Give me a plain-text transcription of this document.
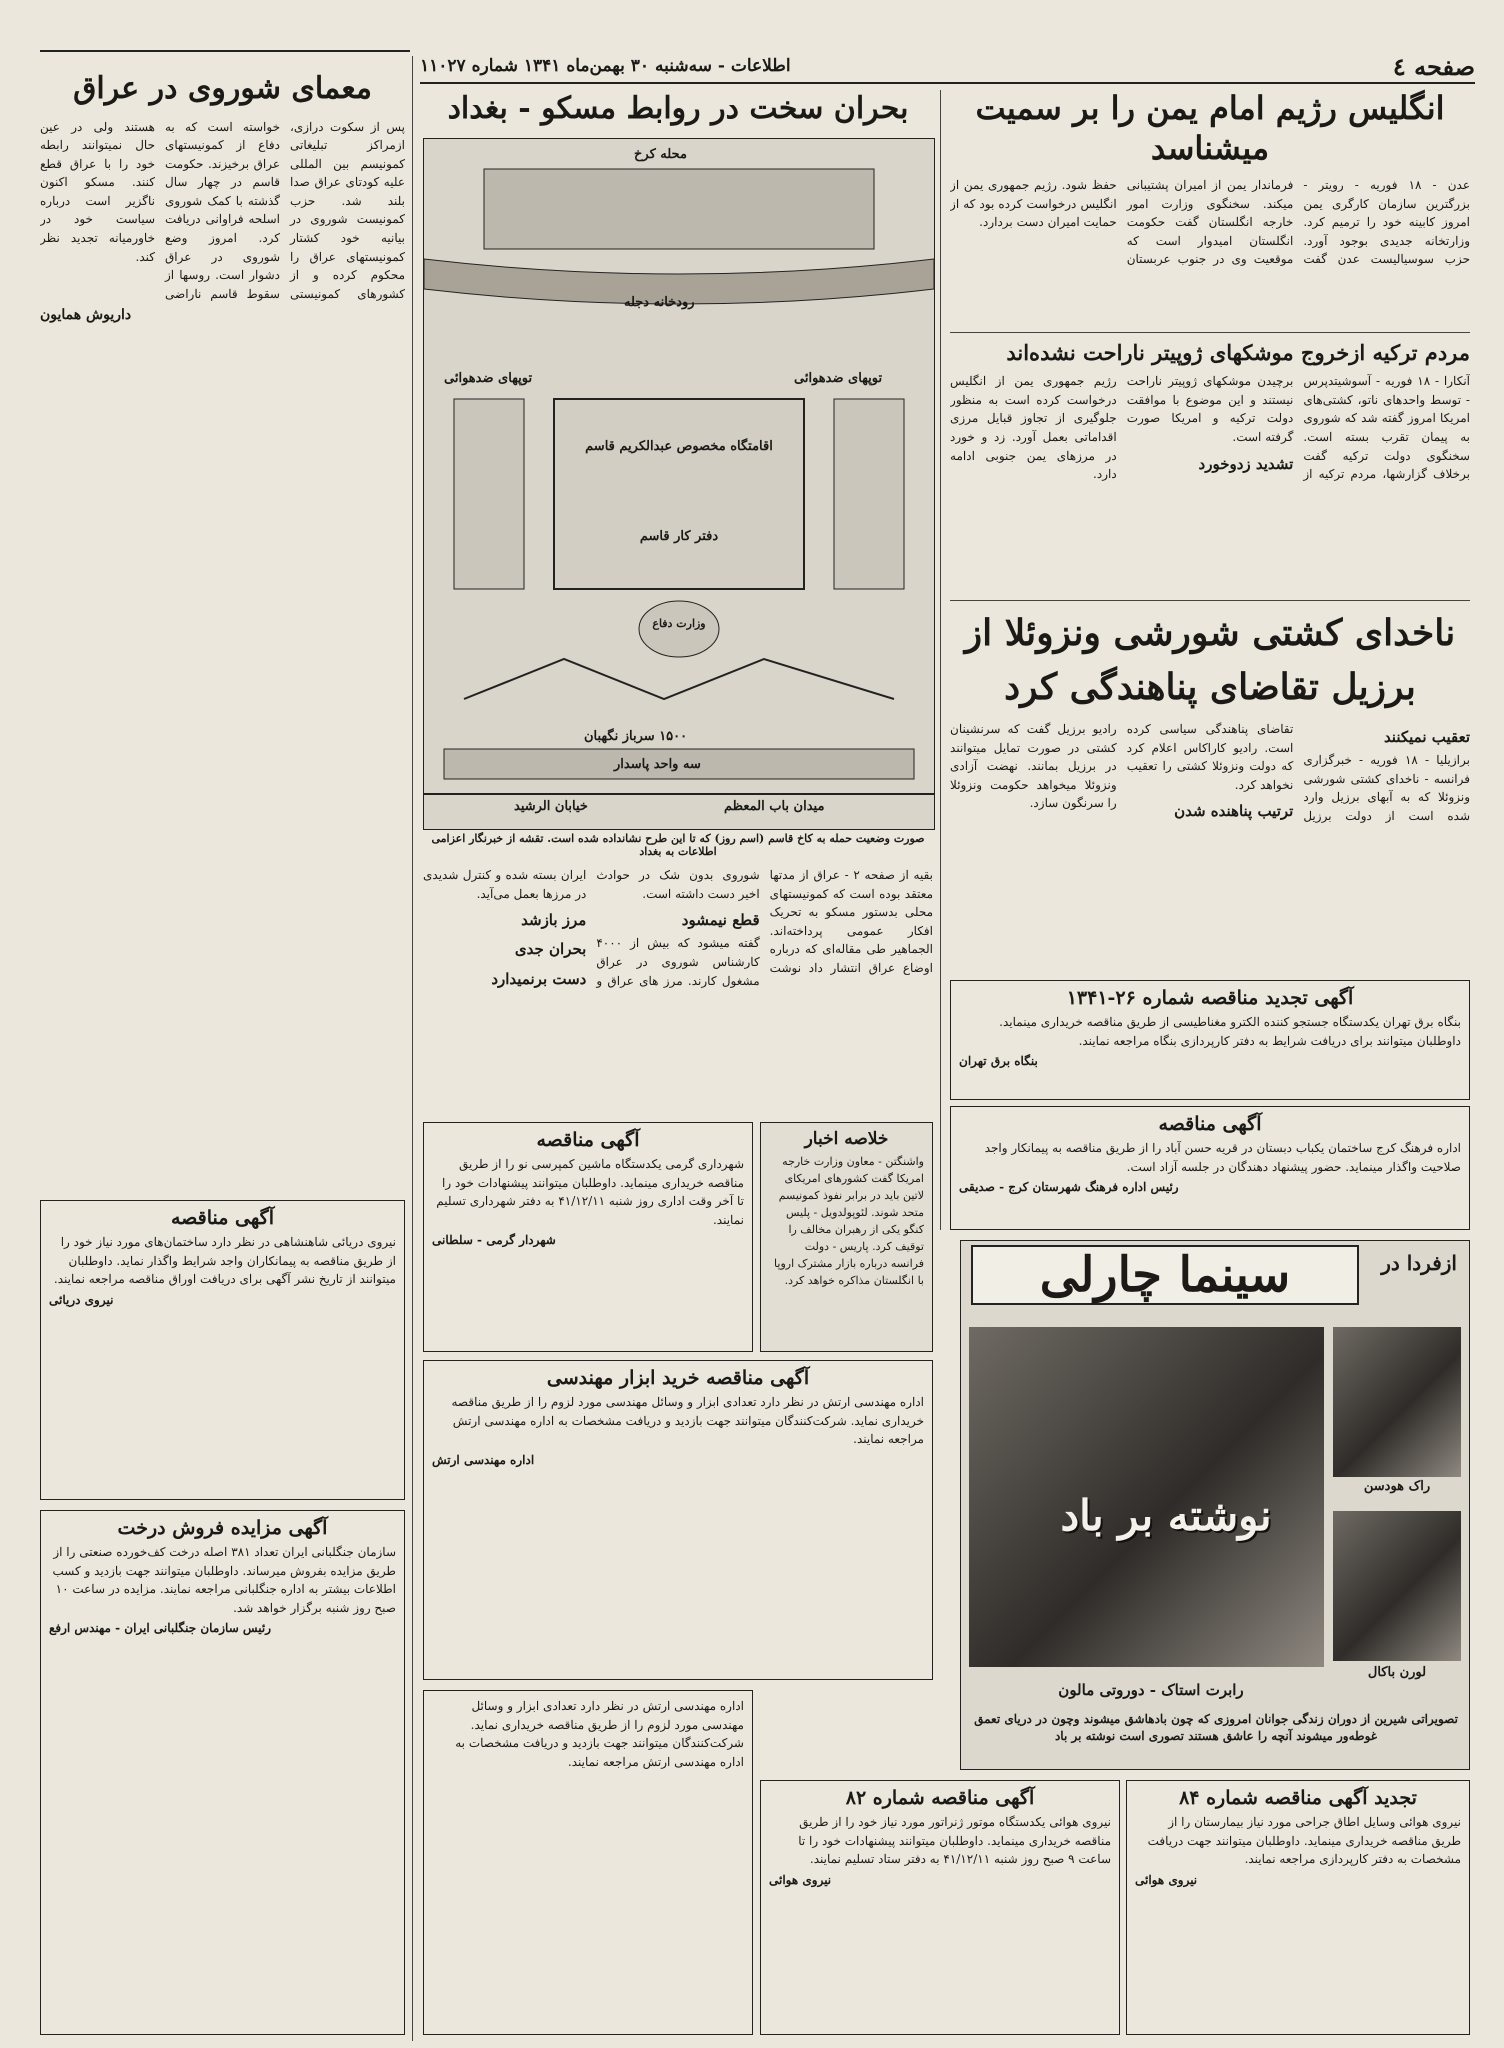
صفحه ٤
اطلاعات - سه‌شنبه ۳۰ بهمن‌ماه ۱۳۴۱ شماره ۱۱۰۲۷
انگلیس رژیم امام یمن را بر سمیت میشناسد
عدن - ۱۸ فوریه - رویتر - بزرگترین سازمان کارگری یمن امروز کابینه خود را ترمیم کرد. وزارتخانه جدیدی بوجود آورد. حزب سوسیالیست عدن گفت فرماندار یمن از امیران پشتیبانی میکند. سخنگوی وزارت امور خارجه انگلستان گفت حکومت انگلستان امیدوار است که موقعیت وی در جنوب عربستان حفظ شود. رژیم جمهوری یمن از انگلیس درخواست کرده بود که از حمایت امیران دست بردارد.
مردم ترکیه ازخروج موشکهای ژوپیتر ناراحت نشده‌اند
آنکارا - ۱۸ فوریه - آسوشیتدپرس - توسط واحدهای ناتو، کشتی‌های امریکا امروز گفته شد که شوروی به پیمان تقرب بسته است. سخنگوی دولت ترکیه گفت برخلاف گزارشها، مردم ترکیه از برچیدن موشکهای ژوپیتر ناراحت نیستند و این موضوع با موافقت دولت ترکیه و امریکا صورت گرفته است.
تشدید زدوخورد
رژیم جمهوری یمن از انگلیس درخواست کرده است به منظور جلوگیری از تجاوز قبایل مرزی اقداماتی بعمل آورد. زد و خورد در مرزهای یمن جنوبی ادامه دارد.
ناخدای کشتی شورشی ونزوئلا از برزیل تقاضای پناهندگی کرد
تعقیب نمیکنند
برازیلیا - ۱۸ فوریه - خبرگزاری فرانسه - ناخدای کشتی شورشی ونزوئلا که به آبهای برزیل وارد شده است از دولت برزیل تقاضای پناهندگی سیاسی کرده است. رادیو کاراکاس اعلام کرد که دولت ونزوئلا کشتی را تعقیب نخواهد کرد.
ترتیب پناهنده شدن
رادیو برزیل گفت که سرنشینان کشتی در صورت تمایل میتوانند در برزیل بمانند. نهضت آزادی ونزوئلا میخواهد حکومت ونزوئلا را سرنگون سازد.
بحران سخت در روابط مسکو - بغداد
محله کرخ
رودخانه دجله
اقامتگاه مخصوص عبدالکریم قاسم
دفتر کار قاسم
وزارت دفاع
توپهای ضدهوائی	توپهای ضدهوائی
۱۵۰۰ سرباز نگهبان
سه واحد پاسدار
خیابان الرشید	میدان باب المعظم
صورت وضعیت حمله به کاخ قاسم (اسم روز) که تا این طرح نشانداده شده است. تقشه از خبرنگار اعزامی اطلاعات به بغداد
بقیه از صفحه ۲ - عراق از مدتها معتقد بوده است که کمونیستهای محلی بدستور مسکو به تحریک افکار عمومی پرداخته‌اند. الجماهیر طی مقاله‌ای که درباره اوضاع عراق انتشار داد نوشت شوروی بدون شک در حوادث اخیر دست داشته است.
قطع نیمشود
گفته میشود که بیش از ۴۰۰۰ کارشناس شوروی در عراق مشغول کارند. مرز های عراق و ایران بسته شده و کنترل شدیدی در مرزها بعمل می‌آید.
مرز بازشد
بحران جدی
دست برنمیدارد
آگهی مناقصه
شهرداری گرمی یکدستگاه ماشین کمپرسی نو را از طریق مناقصه خریداری مینماید. داوطلبان میتوانند پیشنهادات خود را تا آخر وقت اداری روز شنبه ۴۱/۱۲/۱۱ به دفتر شهرداری تسلیم نمایند.
شهردار گرمی - سلطانی
خلاصه اخبار
واشنگتن - معاون وزارت خارجه امریکا گفت کشورهای امریکای لاتین باید در برابر نفوذ کمونیسم متحد شوند. لئوپولدویل - پلیس کنگو یکی از رهبران مخالف را توقیف کرد. پاریس - دولت فرانسه درباره بازار مشترک اروپا با انگلستان مذاکره خواهد کرد.
آگهی مناقصه خرید ابزار مهندسی
اداره مهندسی ارتش در نظر دارد تعدادی ابزار و وسائل مهندسی مورد لزوم را از طریق مناقصه خریداری نماید. شرکت‌کنندگان میتوانند جهت بازدید و دریافت مشخصات به اداره مهندسی ارتش مراجعه نمایند.
اداره مهندسی ارتش
آگهی تجدید مناقصه شماره ۲۶-۱۳۴۱
بنگاه برق تهران یکدستگاه جستجو کننده الکترو مغناطیسی از طریق مناقصه خریداری مینماید. داوطلبان میتوانند برای دریافت شرایط به دفتر کارپردازی بنگاه مراجعه نمایند.
بنگاه برق تهران
آگهی مناقصه
اداره فرهنگ کرج ساختمان یکباب دبستان در قریه حسن آباد را از طریق مناقصه به پیمانکار واجد صلاحیت واگذار مینماید. حضور پیشنهاد دهندگان در جلسه آزاد است.
رئیس اداره فرهنگ شهرستان کرج - صدیقی
ازفردا در
سینما چارلی
راک هودسن
لورن باکال
نوشته بر باد
رابرت استاک - دوروتی مالون
تصویراتی شیرین از دوران زندگی جوانان امروزی که چون بادهاشق میشوند وچون در دریای تعمق غوطه‌ور میشوند آنچه را عاشق هستند تصوری است نوشته بر باد
آگهی مناقصه شماره ۸۲
نیروی هوائی یکدستگاه موتور ژنراتور مورد نیاز خود را از طریق مناقصه خریداری مینماید. داوطلبان میتوانند پیشنهادات خود را تا ساعت ۹ صبح روز شنبه ۴۱/۱۲/۱۱ به دفتر ستاد تسلیم نمایند.
نیروی هوائی
تجدید آگهی مناقصه شماره ۸۴
نیروی هوائی وسایل اطاق جراحی مورد نیاز بیمارستان را از طریق مناقصه خریداری مینماید. داوطلبان میتوانند جهت دریافت مشخصات به دفتر کارپردازی مراجعه نمایند.
نیروی هوائی
اداره مهندسی ارتش در نظر دارد تعدادی ابزار و وسائل مهندسی مورد لزوم را از طریق مناقصه خریداری نماید. شرکت‌کنندگان میتوانند جهت بازدید و دریافت مشخصات به اداره مهندسی ارتش مراجعه نمایند.
معمای شوروی در عراق
پس از سکوت درازی، ازمراکز تبلیغاتی کمونیسم بین المللی علیه کودتای عراق صدا بلند شد. حزب کمونیست شوروی در بیانیه خود کشتار کمونیستهای عراق را محکوم کرده و از کشورهای کمونیستی خواسته است که به دفاع از کمونیستهای عراق برخیزند. حکومت قاسم در چهار سال گذشته با کمک شوروی اسلحه فراوانی دریافت کرد. امروز وضع شوروی در عراق دشوار است. روسها از سقوط قاسم ناراضی هستند ولی در عین حال نمیتوانند رابطه خود را با عراق قطع کنند. مسکو اکنون ناگزیر است درباره سیاست خود در خاورمیانه تجدید نظر کند.
داریوش همایون
آگهی مناقصه
نیروی دریائی شاهنشاهی در نظر دارد ساختمان‌های مورد نیاز خود را از طریق مناقصه به پیمانکاران واجد شرایط واگذار نماید. داوطلبان میتوانند از تاریخ نشر آگهی برای دریافت اوراق مناقصه مراجعه نمایند.
نیروی دریائی
آگهی مزایده فروش درخت
سازمان جنگلبانی ایران تعداد ۳۸۱ اصله درخت کف‌خورده صنعتی را از طریق مزایده بفروش میرساند. داوطلبان میتوانند جهت بازدید و کسب اطلاعات بیشتر به اداره جنگلبانی مراجعه نمایند. مزایده در ساعت ۱۰ صبح روز شنبه برگزار خواهد شد.
رئیس سازمان جنگلبانی ایران - مهندس ارفع
